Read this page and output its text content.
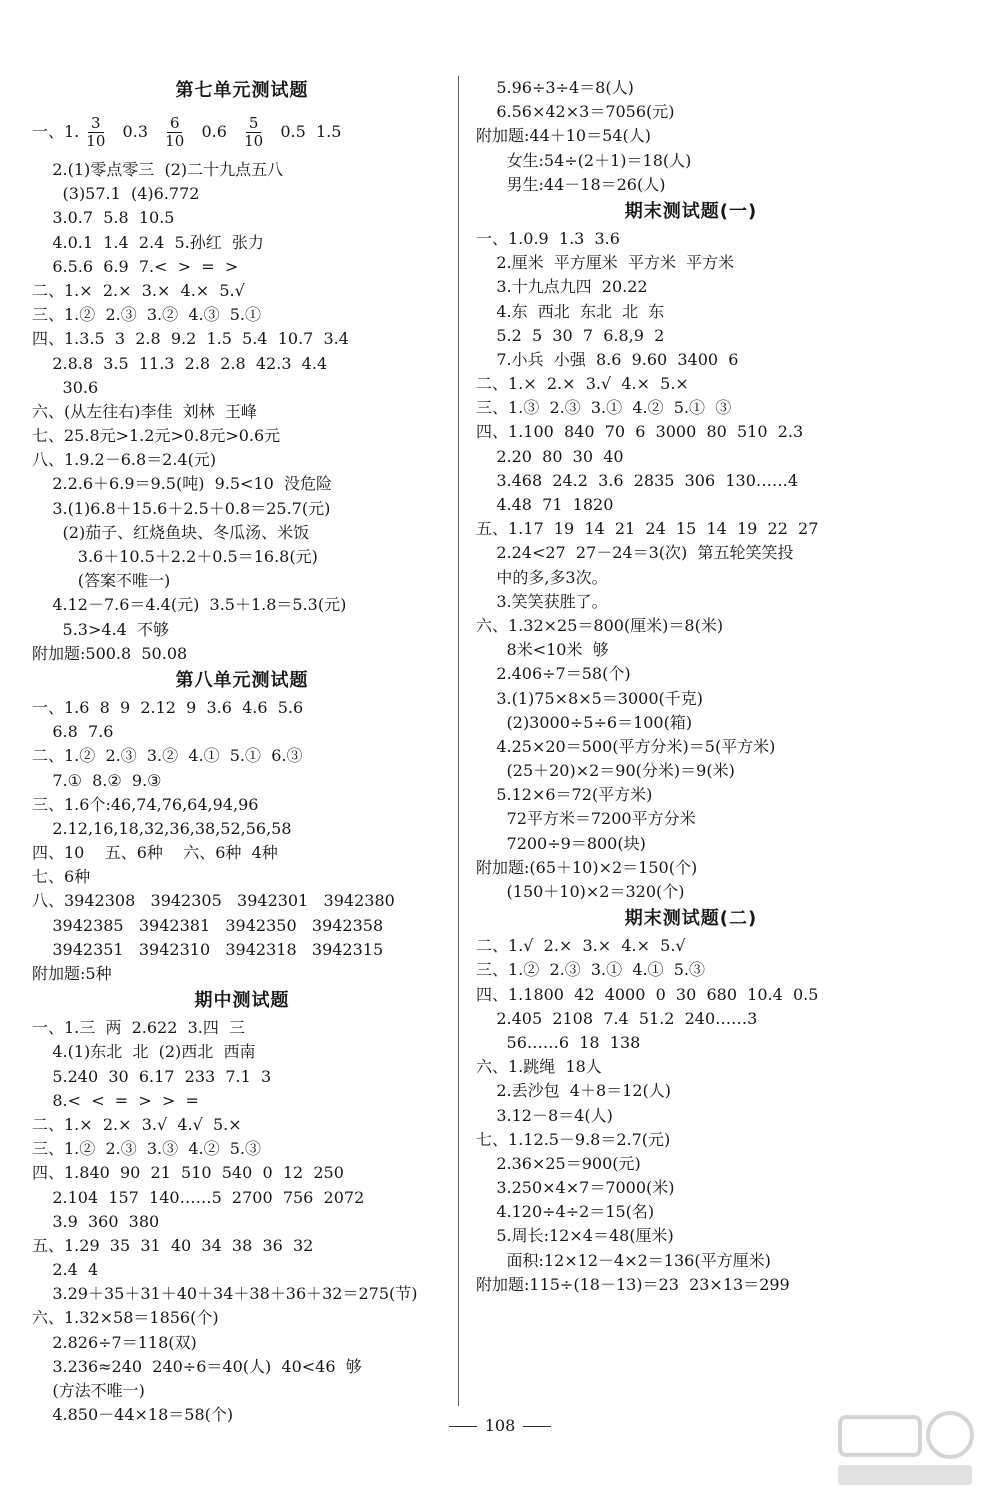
第七单元测试题
一、1. $\frac{3}{10} 0.3 \frac{6}{10} 0.6 \frac{5}{10} 0.5$  1.5
2.(1)零点零三  (2)二十九点五八
(3)57.1  (4)6.772
3.0.7  5.8  10.5
4.0.1  1.4  2.4  5.孙红  张力
6.5.6  6.9  7.<  >  =  >
二、1.×  2.×  3.×  4.×  5.√
三、1.②  2.③  3.②  4.③  5.①
四、1.3.5  3  2.8  9.2  1.5  5.4  10.7  3.4
2.8.8  3.5  11.3  2.8  2.8  42.3  4.4
30.6
六、(从左往右)李佳  刘林  王峰
七、25.8元>1.2元>0.8元>0.6元
八、1.9.2－6.8＝2.4(元)
2.2.6＋6.9＝9.5(吨)  9.5<10  没危险
3.(1)6.8＋15.6＋2.5＋0.8＝25.7(元)
(2)茄子、红烧鱼块、冬瓜汤、米饭
3.6＋10.5＋2.2＋0.5＝16.8(元)
(答案不唯一)
4.12－7.6＝4.4(元)  3.5＋1.8＝5.3(元)
5.3>4.4  不够
附加题:500.8  50.08
第八单元测试题
一、1.6  8  9  2.12  9  3.6  4.6  5.6
6.8  7.6
二、1.②  2.③  3.②  4.①  5.①  6.③
7.①  8.②  9.③
三、1.6个:46,74,76,64,94,96
2.12,16,18,32,36,38,52,56,58
四、10    五、6种    六、6种  4种
七、6种
八、3942308   3942305   3942301   3942380
3942385   3942381   3942350   3942358
3942351   3942310   3942318   3942315
附加题:5种
期中测试题
一、1.三  两  2.622  3.四  三
4.(1)东北  北  (2)西北  西南
5.240  30  6.17  233  7.1  3
8.<  <  =  >  >  =
二、1.×  2.×  3.√  4.√  5.×
三、1.②  2.③  3.③  4.②  5.③
四、1.840  90  21  510  540  0  12  250
2.104  157  140……5  2700  756  2072
3.9  360  380
五、1.29  35  31  40  34  38  36  32
2.4  4
3.29＋35＋31＋40＋34＋38＋36＋32＝275(节)
六、1.32×58＝1856(个)
2.826÷7＝118(双)
3.236≈240  240÷6＝40(人)  40<46  够
(方法不唯一)
4.850－44×18＝58(个)
5.96÷3÷4＝8(人)
6.56×42×3＝7056(元)
附加题:44＋10＝54(人)
女生:54÷(2＋1)＝18(人)
男生:44－18＝26(人)
期末测试题(一)
一、1.0.9  1.3  3.6
2.厘米  平方厘米  平方米  平方米
3.十九点九四  20.22
4.东  西北  东北  北  东
5.2  5  30  7  6.8,9  2
7.小兵  小强  8.6  9.60  3400  6
二、1.×  2.×  3.√  4.×  5.×
三、1.③  2.③  3.①  4.②  5.①  ③
四、1.100  840  70  6  3000  80  510  2.3
2.20  80  30  40
3.468  24.2  3.6  2835  306  130……4
4.48  71  1820
五、1.17  19  14  21  24  15  14  19  22  27
2.24<27  27－24＝3(次)  第五轮笑笑投
中的多,多3次。
3.笑笑获胜了。
六、1.32×25＝800(厘米)＝8(米)
8米<10米  够
2.406÷7＝58(个)
3.(1)75×8×5＝3000(千克)
(2)3000÷5÷6＝100(箱)
4.25×20＝500(平方分米)＝5(平方米)
(25＋20)×2＝90(分米)＝9(米)
5.12×6＝72(平方米)
72平方米＝7200平方分米
7200÷9＝800(块)
附加题:(65＋10)×2＝150(个)
(150＋10)×2＝320(个)
期末测试题(二)
二、1.√  2.×  3.×  4.×  5.√
三、1.②  2.③  3.①  4.①  5.③
四、1.1800  42  4000  0  30  680  10.4  0.5
2.405  2108  7.4  51.2  240……3
56……6  18  138
六、1.跳绳  18人
2.丢沙包  4＋8＝12(人)
3.12－8＝4(人)
七、1.12.5－9.8＝2.7(元)
2.36×25＝900(元)
3.250×4×7＝7000(米)
4.120÷4÷2＝15(名)
5.周长:12×4＝48(厘米)
面积:12×12－4×2＝136(平方厘米)
附加题:115÷(18－13)＝23  23×13＝299
108
